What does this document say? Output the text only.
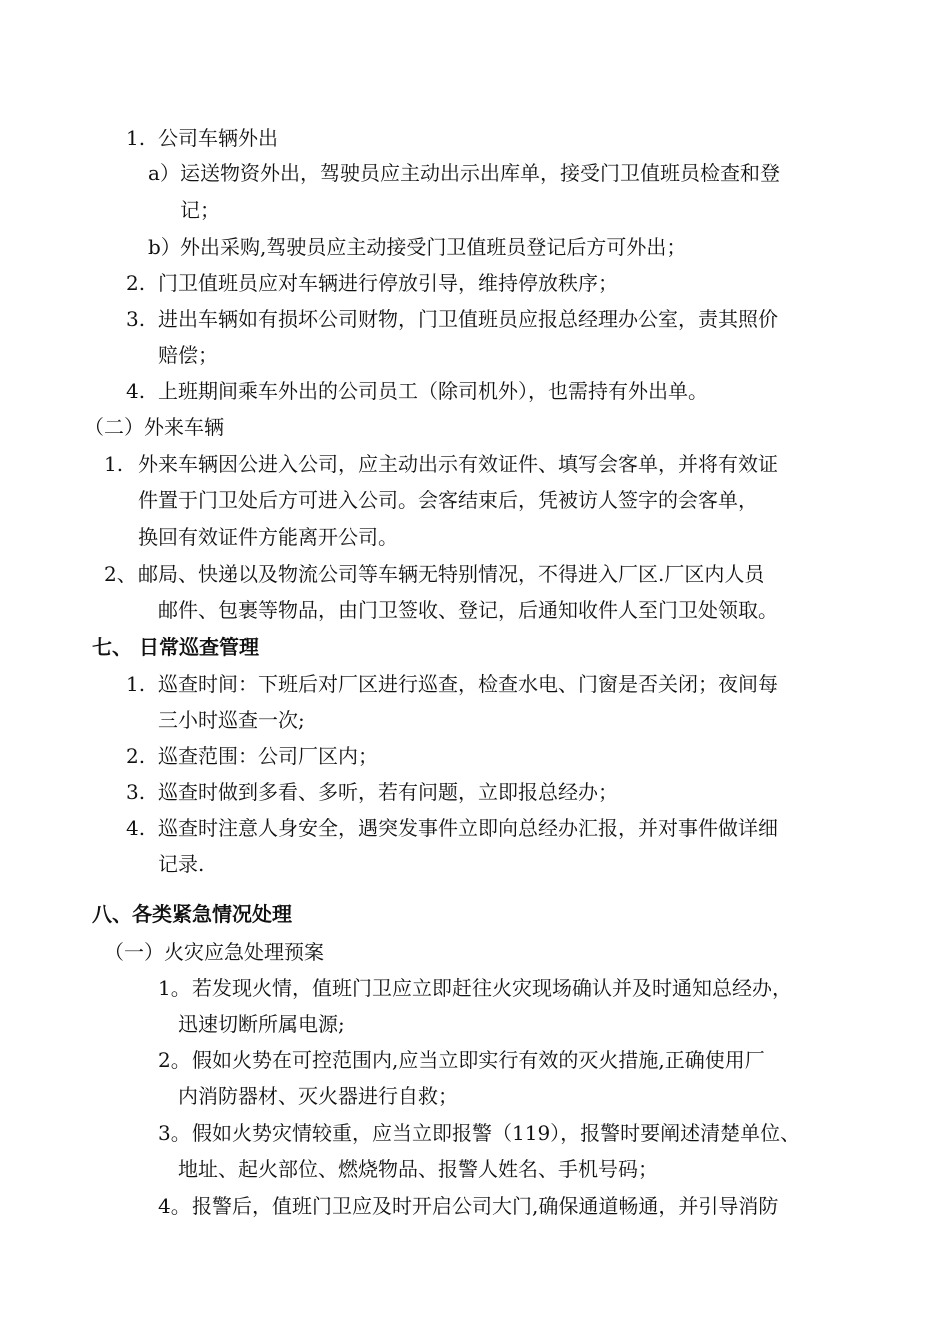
1. 公司车辆外出
a）运送物资外出，驾驶员应主动出示出库单，接受门卫值班员检查和登
记；
b）外出采购,驾驶员应主动接受门卫值班员登记后方可外出；
2. 门卫值班员应对车辆进行停放引导，维持停放秩序；
3. 进出车辆如有损坏公司财物，门卫值班员应报总经理办公室，责其照价
赔偿；
4. 上班期间乘车外出的公司员工（除司机外），也需持有外出单。
（二）外来车辆
1. 外来车辆因公进入公司，应主动出示有效证件、填写会客单，并将有效证
件置于门卫处后方可进入公司。会客结束后，凭被访人签字的会客单，
换回有效证件方能离开公司。
2、邮局、快递以及物流公司等车辆无特别情况，不得进入厂区.厂区内人员
邮件、包裹等物品，由门卫签收、登记，后通知收件人至门卫处领取。
七、 日常巡查管理
1. 巡查时间：下班后对厂区进行巡查，检查水电、门窗是否关闭；夜间每
三小时巡查一次;
2. 巡查范围：公司厂区内；
3. 巡查时做到多看、多听，若有问题，立即报总经办；
4. 巡查时注意人身安全，遇突发事件立即向总经办汇报，并对事件做详细
记录.
八、各类紧急情况处理
（一）火灾应急处理预案
1。若发现火情，值班门卫应立即赶往火灾现场确认并及时通知总经办，
迅速切断所属电源;
2。假如火势在可控范围内,应当立即实行有效的灭火措施,正确使用厂
内消防器材、灭火器进行自救；
3。假如火势灾情较重，应当立即报警（119），报警时要阐述清楚单位、
地址、起火部位、燃烧物品、报警人姓名、手机号码；
4。报警后，值班门卫应及时开启公司大门,确保通道畅通，并引导消防
